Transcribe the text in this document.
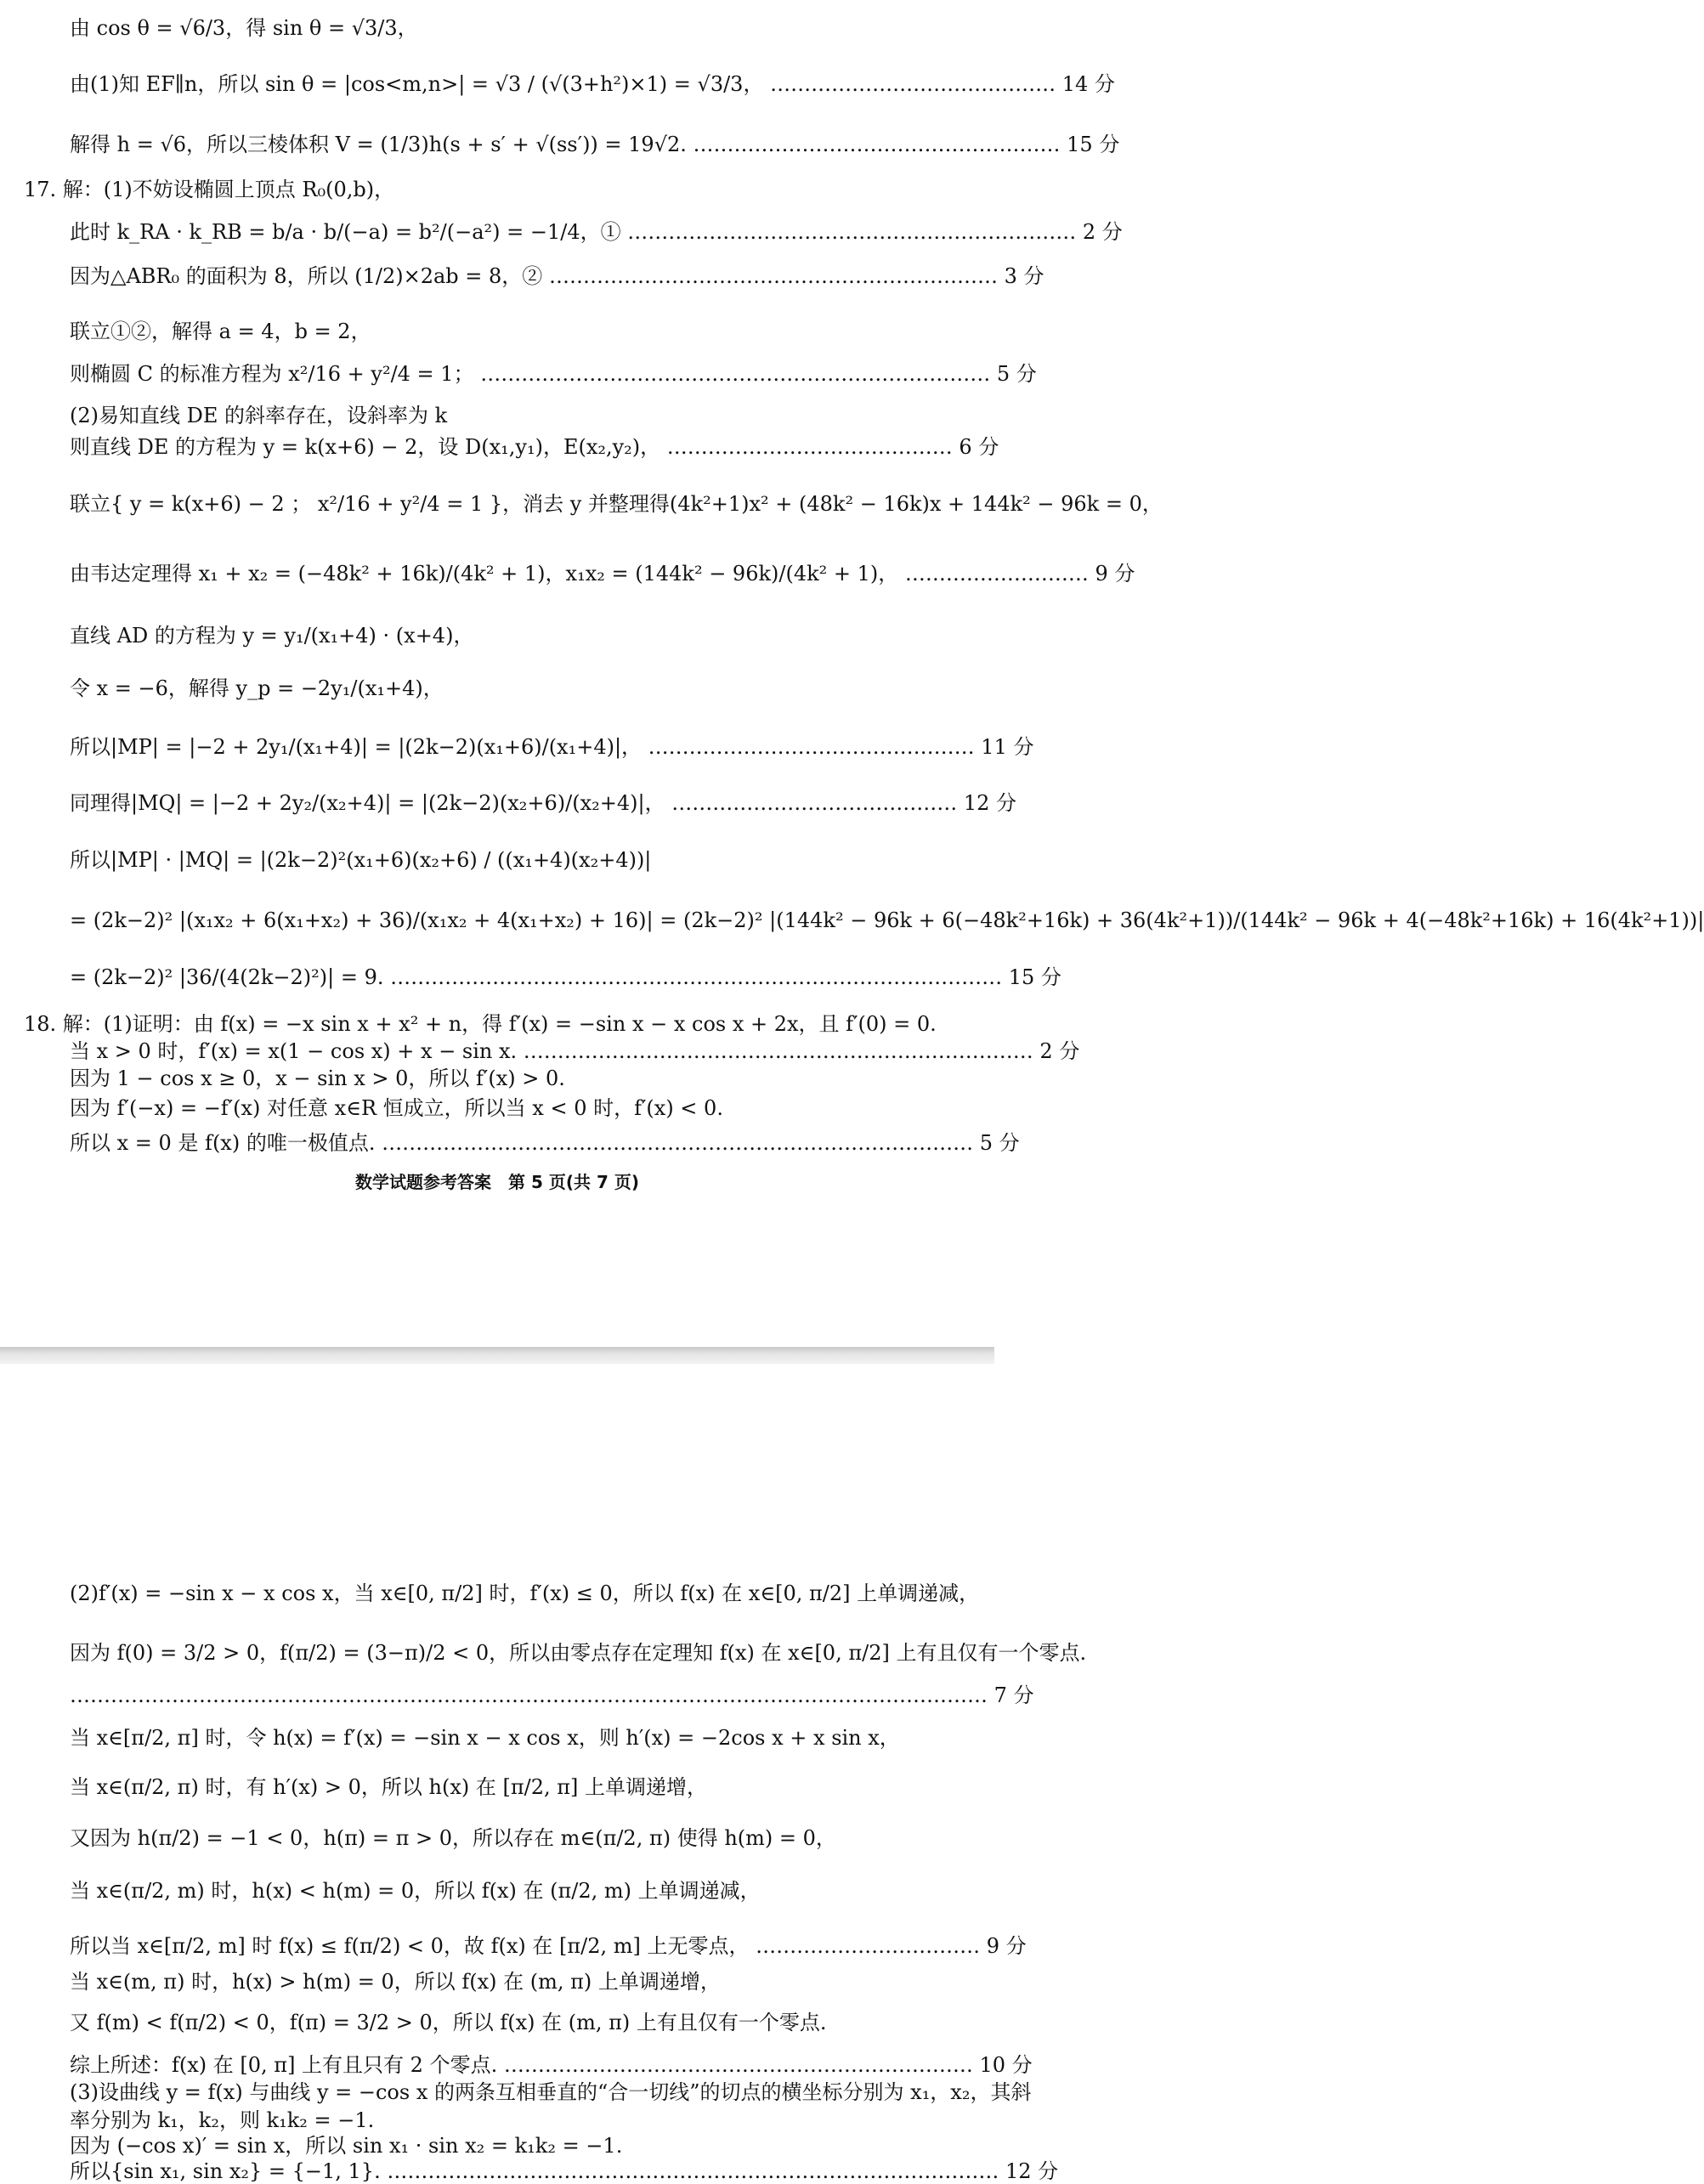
由 cos θ = √6/3，得 sin θ = √3/3，
由(1)知 EF∥n，所以 sin θ = |cos<m,n>| = √3 / (√(3+h²)×1) = √3/3， …………………………………… 14 分
解得 h = √6，所以三棱体积 V = (1/3)h(s + s′ + √(ss′)) = 19√2. ……………………………………………… 15 分
17. 解：(1)不妨设椭圆上顶点 R₀(0,b)，
此时 k_RA · k_RB = b/a · b/(−a) = b²/(−a²) = −1/4，① ………………………………………………………… 2 分
因为△ABR₀ 的面积为 8，所以 (1/2)×2ab = 8，② ………………………………………………………… 3 分
联立①②，解得 a = 4，b = 2，
则椭圆 C 的标准方程为 x²/16 + y²/4 = 1； ………………………………………………………………… 5 分
(2)易知直线 DE 的斜率存在，设斜率为 k
则直线 DE 的方程为 y = k(x+6) − 2，设 D(x₁,y₁)，E(x₂,y₂)， …………………………………… 6 分
联立{ y = k(x+6) − 2 ； x²/16 + y²/4 = 1 }，消去 y 并整理得(4k²+1)x² + (48k² − 16k)x + 144k² − 96k = 0，
由韦达定理得 x₁ + x₂ = (−48k² + 16k)/(4k² + 1)，x₁x₂ = (144k² − 96k)/(4k² + 1)， ……………………… 9 分
直线 AD 的方程为 y = y₁/(x₁+4) · (x+4)，
令 x = −6，解得 y_p = −2y₁/(x₁+4)，
所以|MP| = |−2 + 2y₁/(x₁+4)| = |(2k−2)(x₁+6)/(x₁+4)|， ………………………………………… 11 分
同理得|MQ| = |−2 + 2y₂/(x₂+4)| = |(2k−2)(x₂+6)/(x₂+4)|， …………………………………… 12 分
所以|MP| · |MQ| = |(2k−2)²(x₁+6)(x₂+6) / ((x₁+4)(x₂+4))|
= (2k−2)² |(x₁x₂ + 6(x₁+x₂) + 36)/(x₁x₂ + 4(x₁+x₂) + 16)| = (2k−2)² |(144k² − 96k + 6(−48k²+16k) + 36(4k²+1))/(144k² − 96k + 4(−48k²+16k) + 16(4k²+1))|
= (2k−2)² |36/(4(2k−2)²)| = 9. ……………………………………………………………………………… 15 分
18. 解：(1)证明：由 f(x) = −x sin x + x² + n，得 f′(x) = −sin x − x cos x + 2x，且 f′(0) = 0.
当 x > 0 时，f′(x) = x(1 − cos x) + x − sin x. ………………………………………………………………… 2 分
因为 1 − cos x ≥ 0，x − sin x > 0，所以 f′(x) > 0.
因为 f′(−x) = −f′(x) 对任意 x∈R 恒成立，所以当 x < 0 时，f′(x) < 0.
所以 x = 0 是 f(x) 的唯一极值点. …………………………………………………………………………… 5 分
数学试题参考答案　第 5 页(共 7 页)
(2)f′(x) = −sin x − x cos x，当 x∈[0, π/2] 时，f′(x) ≤ 0，所以 f(x) 在 x∈[0, π/2] 上单调递减，
因为 f(0) = 3/2 > 0，f(π/2) = (3−π)/2 < 0，所以由零点存在定理知 f(x) 在 x∈[0, π/2] 上有且仅有一个零点.
……………………………………………………………………………………………………………………… 7 分
当 x∈[π/2, π] 时，令 h(x) = f′(x) = −sin x − x cos x，则 h′(x) = −2cos x + x sin x，
当 x∈(π/2, π) 时，有 h′(x) > 0，所以 h(x) 在 [π/2, π] 上单调递增，
又因为 h(π/2) = −1 < 0，h(π) = π > 0，所以存在 m∈(π/2, π) 使得 h(m) = 0，
当 x∈(π/2, m) 时，h(x) < h(m) = 0，所以 f(x) 在 (π/2, m) 上单调递减，
所以当 x∈[π/2, m] 时 f(x) ≤ f(π/2) < 0，故 f(x) 在 [π/2, m] 上无零点， …………………………… 9 分
当 x∈(m, π) 时，h(x) > h(m) = 0，所以 f(x) 在 (m, π) 上单调递增，
又 f(m) < f(π/2) < 0，f(π) = 3/2 > 0，所以 f(x) 在 (m, π) 上有且仅有一个零点.
综上所述：f(x) 在 [0, π] 上有且只有 2 个零点. …………………………………………………………… 10 分
(3)设曲线 y = f(x) 与曲线 y = −cos x 的两条互相垂直的“合一切线”的切点的横坐标分别为 x₁，x₂，其斜
率分别为 k₁，k₂，则 k₁k₂ = −1.
因为 (−cos x)′ = sin x，所以 sin x₁ · sin x₂ = k₁k₂ = −1.
所以{sin x₁, sin x₂} = {−1, 1}. ……………………………………………………………………………… 12 分
